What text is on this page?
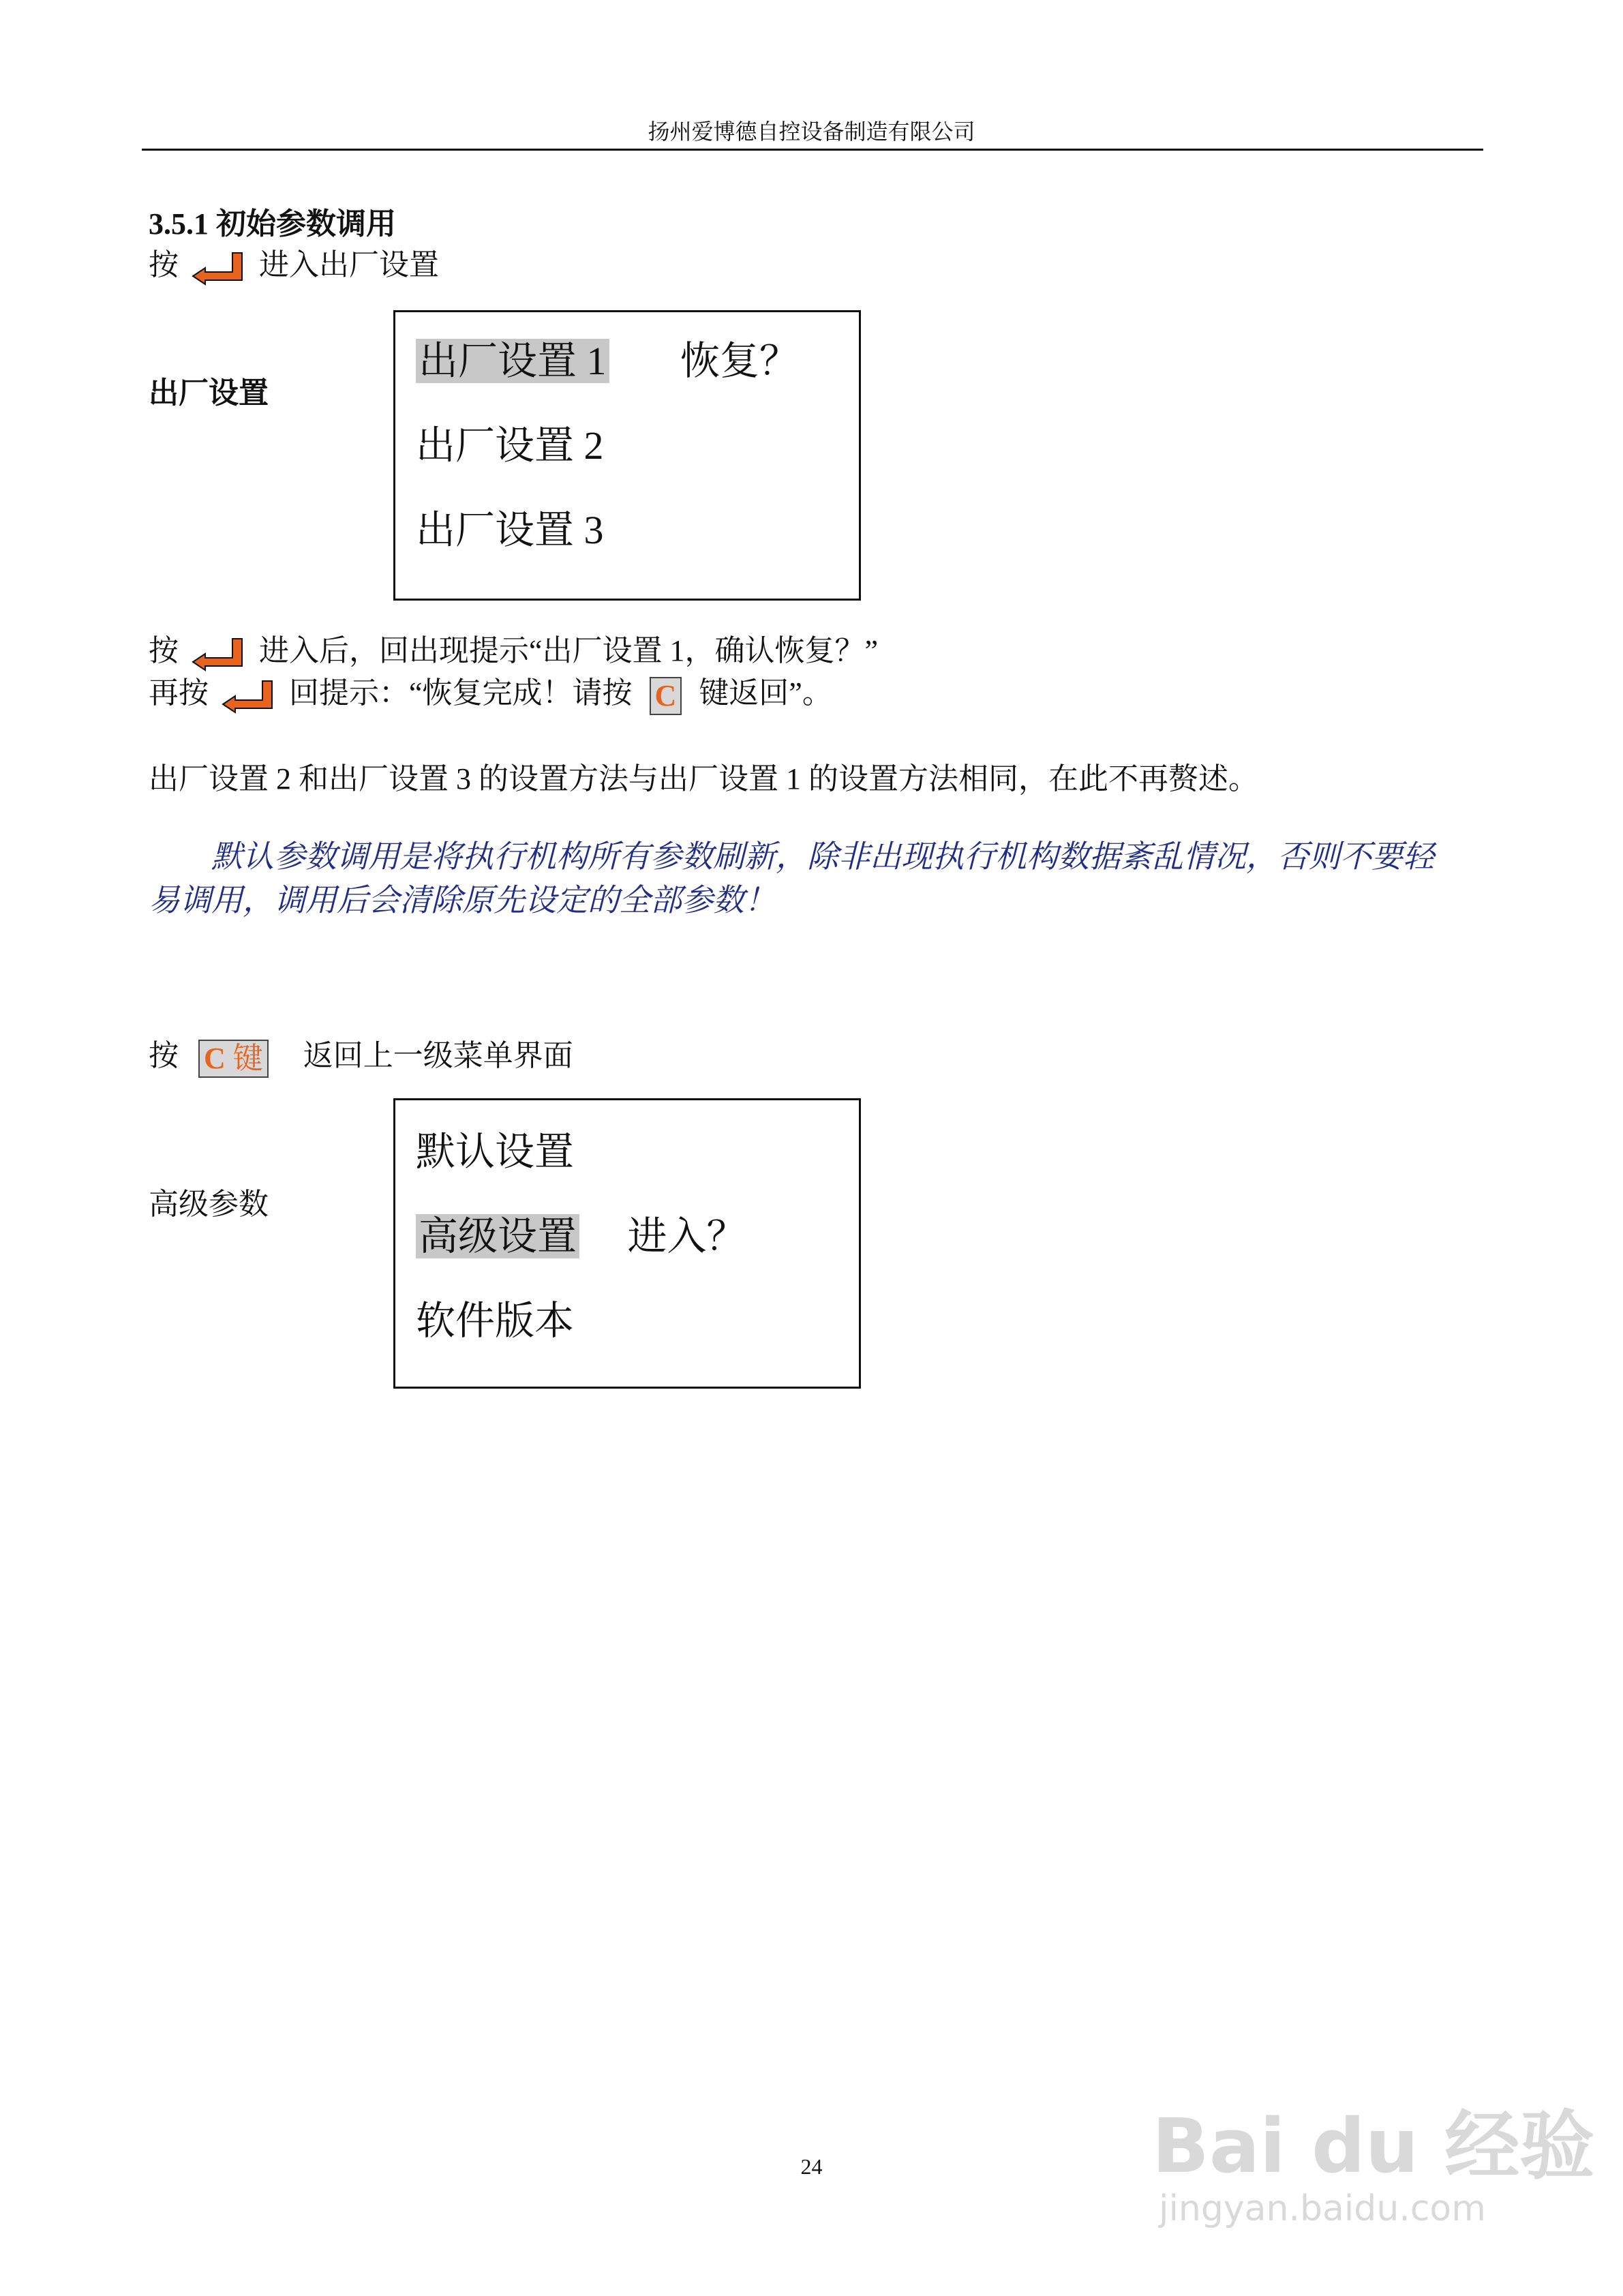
扬州爱博德自控设备制造有限公司
3.5.1 初始参数调用
按	进入出厂设置
出厂设置
出厂设置 1 恢复？
出厂设置 2
出厂设置 3
按	进入后，回出现提示“出厂设置 1，确认恢复？”
再按	回提示：“恢复完成！请按 C 键返回”。
出厂设置 2 和出厂设置 3 的设置方法与出厂设置 1 的设置方法相同，在此不再赘述。
默认参数调用是将执行机构所有参数刷新，除非出现执行机构数据紊乱情况，否则不要轻
易调用，调用后会清除原先设定的全部参数！
按 C 键 返回上一级菜单界面
高级参数
默认设置
高级设置 进入？
软件版本
24	Bai du 经验
jingyan.baidu.com
